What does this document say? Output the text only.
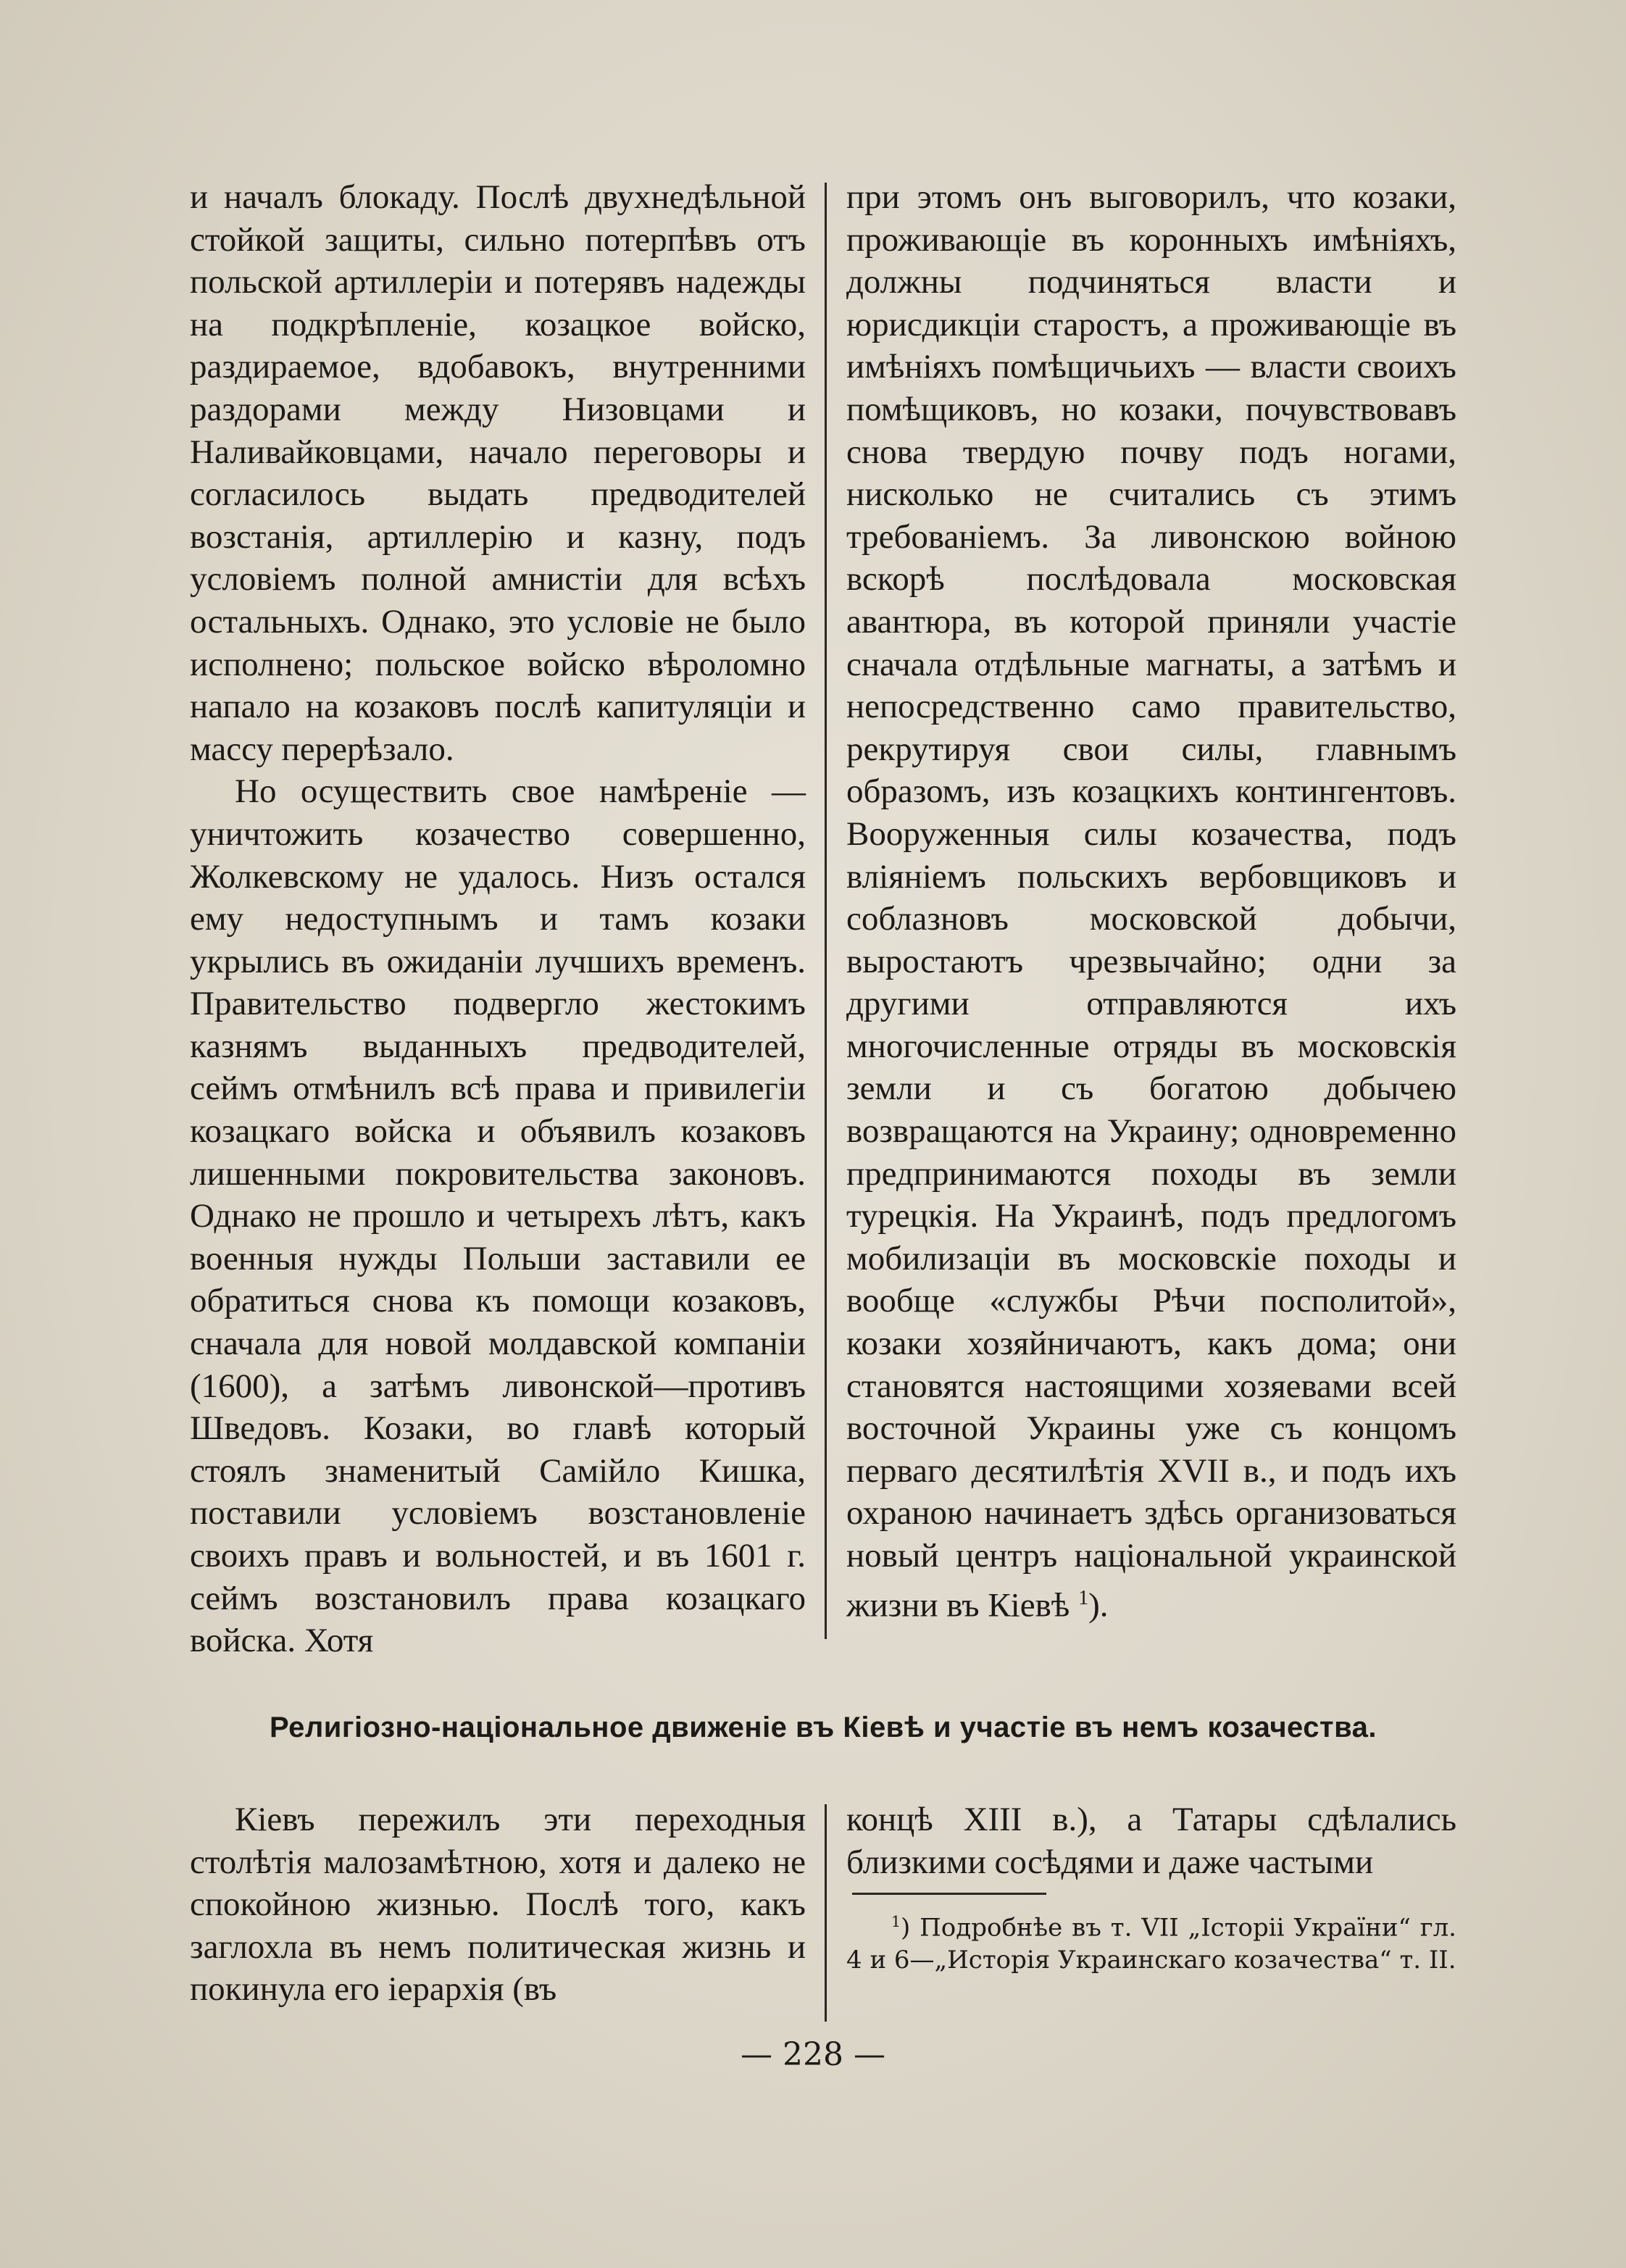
и началъ блокаду. Послѣ двухнедѣльной стойкой защиты, сильно потерпѣвъ отъ польской артиллеріи и потерявъ надежды на подкрѣпленіе, козацкое войско, раздираемое, вдобавокъ, внутренними раздорами между Низовцами и Наливайковцами, начало переговоры и согласилось выдать предводителей возстанія, артиллерію и казну, подъ условіемъ полной амнистіи для всѣхъ остальныхъ. Однако, это условіе не было исполнено; польское войско вѣроломно напало на козаковъ послѣ капитуляціи и массу перерѣзало.

Но осуществить свое намѣреніе — уничтожить козачество совершенно, Жолкевскому не удалось. Низъ остался ему недоступнымъ и тамъ козаки укрылись въ ожиданіи лучшихъ временъ. Правительство подвергло жестокимъ казнямъ выданныхъ предводителей, сеймъ отмѣнилъ всѣ права и привилегіи козацкаго войска и объявилъ козаковъ лишенными покровительства законовъ. Однако не прошло и четырехъ лѣтъ, какъ военныя нужды Польши заставили ее обратиться снова къ помощи козаковъ, сначала для новой молдавской компаніи (1600), а затѣмъ ливонской—противъ Шведовъ. Козаки, во главѣ который стоялъ знаменитый Самійло Кишка, поставили условіемъ возстановленіе своихъ правъ и вольностей, и въ 1601 г. сеймъ возстановилъ права козацкаго войска. Хотя

при этомъ онъ выговорилъ, что козаки, проживающіе въ коронныхъ имѣніяхъ, должны подчиняться власти и юрисдикціи старостъ, а проживающіе въ имѣніяхъ помѣщичьихъ — власти своихъ помѣщиковъ, но козаки, почувствовавъ снова твердую почву подъ ногами, нисколько не считались съ этимъ требованіемъ. За ливонскою войною вскорѣ послѣдовала московская авантюра, въ которой приняли участіе сначала отдѣльные магнаты, а затѣмъ и непосредственно само правительство, рекрутируя свои силы, главнымъ образомъ, изъ козацкихъ контингентовъ. Вооруженныя силы козачества, подъ вліяніемъ польскихъ вербовщиковъ и соблазновъ московской добычи, выростаютъ чрезвычайно; одни за другими отправляются ихъ многочисленные отряды въ московскія земли и съ богатою добычею возвращаются на Украину; одновременно предпринимаются походы въ земли турецкія. На Украинѣ, подъ предлогомъ мобилизаціи въ московскіе походы и вообще «службы Рѣчи посполитой», козаки хозяйничаютъ, какъ дома; они становятся настоящими хозяевами всей восточной Украины уже съ концомъ перваго десятилѣтія XVII в., и подъ ихъ охраною начинаетъ здѣсь организоваться новый центръ національной украинской жизни въ Кіевѣ $^1$).

Религіозно-національное движеніе въ Кіевѣ и участіе въ немъ козачества.

Кіевъ пережилъ эти переходныя столѣтія малозамѣтною, хотя и далеко не спокойною жизнью. Послѣ того, какъ заглохла въ немъ политическая жизнь и покинула его іерархія (въ

концѣ XIII в.), а Татары сдѣлались близкими сосѣдями и даже частыми

$^1$) Подробнѣе въ т. VII „Історіі України“ гл. 4 и 6—„Исторія Украинскаго козачества“ т. II.

— 228 —
